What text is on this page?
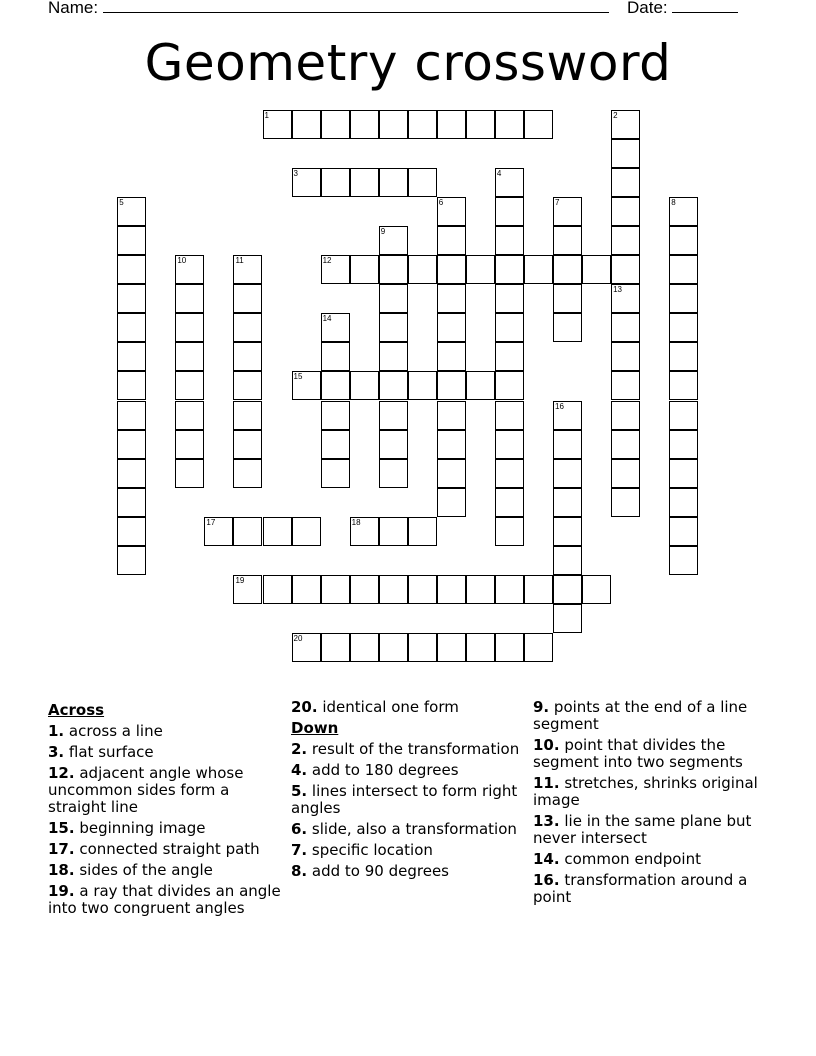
Name:	Date:
Geometry crossword
1	2
3	4
5	6	7	8
9
10	11	12
13
14
15
16
17	18
19
20
Across
1. across a line
3. flat surface
12. adjacent angle whose uncommon sides form a straight line
15. beginning image
17. connected straight path
18. sides of the angle
19. a ray that divides an angle into two congruent angles
20. identical one form
Down
2. result of the transformation
4. add to 180 degrees
5. lines intersect to form right angles
6. slide, also a transformation
7. specific location
8. add to 90 degrees
9. points at the end of a line segment
10. point that divides the segment into two segments
11. stretches, shrinks original image
13. lie in the same plane but never intersect
14. common endpoint
16. transformation around a point
